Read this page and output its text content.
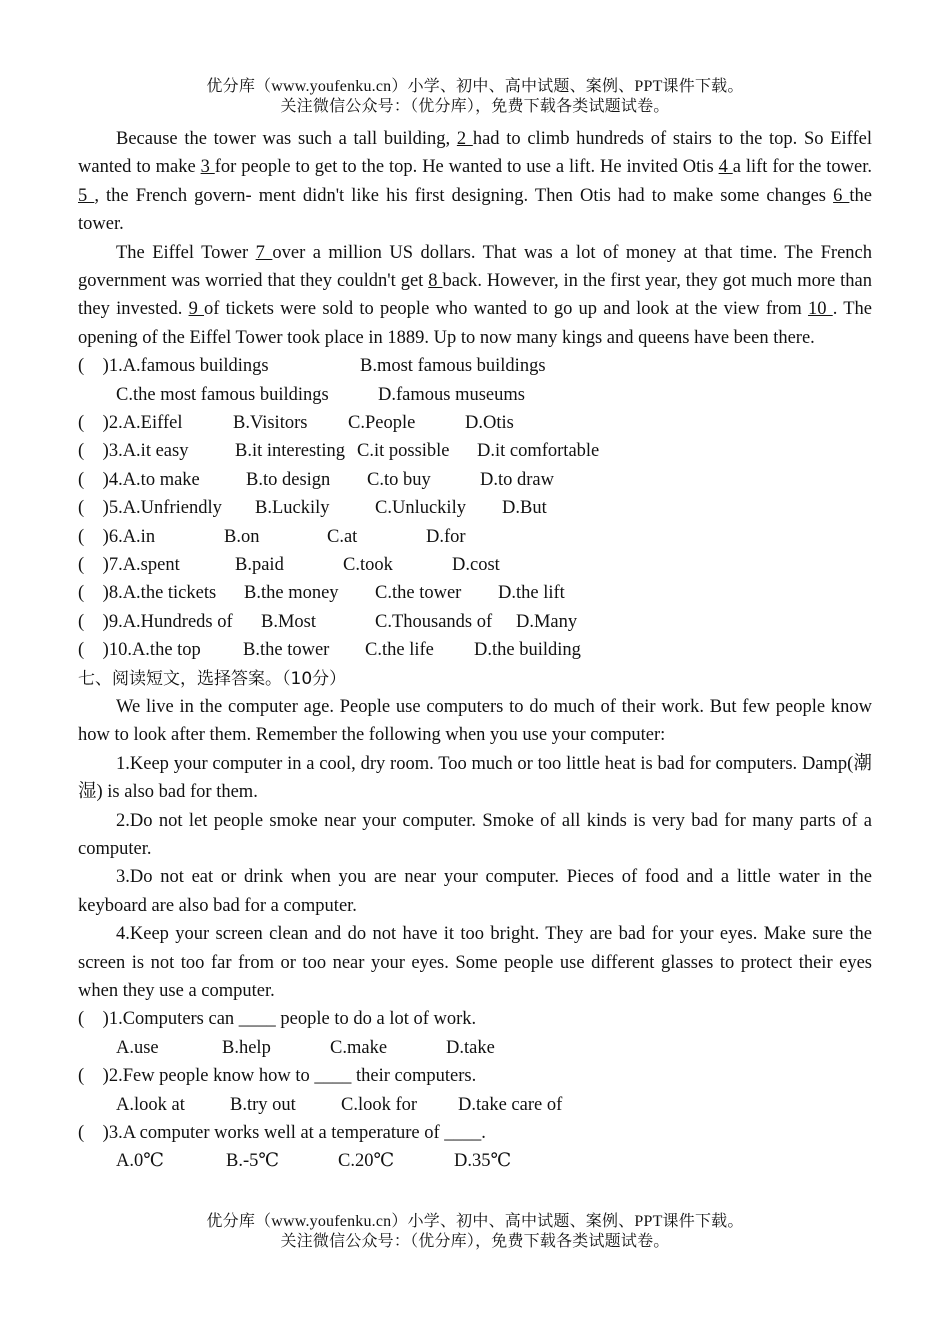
优分库（www.youfenku.cn）小学、初中、高中试题、案例、PPT课件下载。
关注微信公众号：（优分库），免费下载各类试题试卷。

Because the tower was such a tall building, 2 had to climb hundreds of stairs to the top. So Eiffel wanted to make 3 for people to get to the top. He wanted to use a lift. He invited Otis 4 a lift for the tower. 5 , the French govern- ment didn't like his first designing. Then Otis had to make some changes 6 the tower.

The Eiffel Tower 7 over a million US dollars. That was a lot of money at that time. The French government was worried that they couldn't get 8 back. However, in the first year, they got much more than they invested. 9 of tickets were sold to people who wanted to go up and look at the view from 10 . The opening of the Eiffel Tower took place in 1889. Up to now many kings and queens have been there.

(    )1.A.famous buildings	B.most famous buildings
C.the most famous buildings	D.famous museums
(    )2.A.Eiffel	B.Visitors C.People	D.Otis
(    )3.A.it easy	B.it interesting C.it possible D.it comfortable
(    )4.A.to make B.to design C.to buy	D.to draw
(    )5.A.Unfriendly B.Luckily C.Unluckily D.But
(    )6.A.in	B.on	C.at	D.for
(    )7.A.spent	B.paid	C.took	D.cost
(    )8.A.the tickets B.the money C.the tower D.the lift
(    )9.A.Hundreds of B.Most	C.Thousands of D.Many
(    )10.A.the top B.the tower C.the life D.the building
七、阅读短文，选择答案。（10分）

We live in the computer age. People use computers to do much of their work. But few people know how to look after them. Remember the following when you use your computer:

1.Keep your computer in a cool, dry room. Too much or too little heat is bad for computers. Damp(潮湿) is also bad for them.

2.Do not let people smoke near your computer. Smoke of all kinds is very bad for many parts of a computer.

3.Do not eat or drink when you are near your computer. Pieces of food and a little water in the keyboard are also bad for a computer.

4.Keep your screen clean and do not have it too bright. They are bad for your eyes. Make sure the screen is not too far from or too near your eyes. Some people use different glasses to protect their eyes when they use a computer.

(    )1.Computers can ____ people to do a lot of work.
A.use	B.help	C.make	D.take
(    )2.Few people know how to ____ their computers.
A.look at B.try out C.look for D.take care of
(    )3.A computer works well at a temperature of ____.
A.0℃	B.-5℃	C.20℃	D.35℃
优分库（www.youfenku.cn）小学、初中、高中试题、案例、PPT课件下载。
关注微信公众号：（优分库），免费下载各类试题试卷。
